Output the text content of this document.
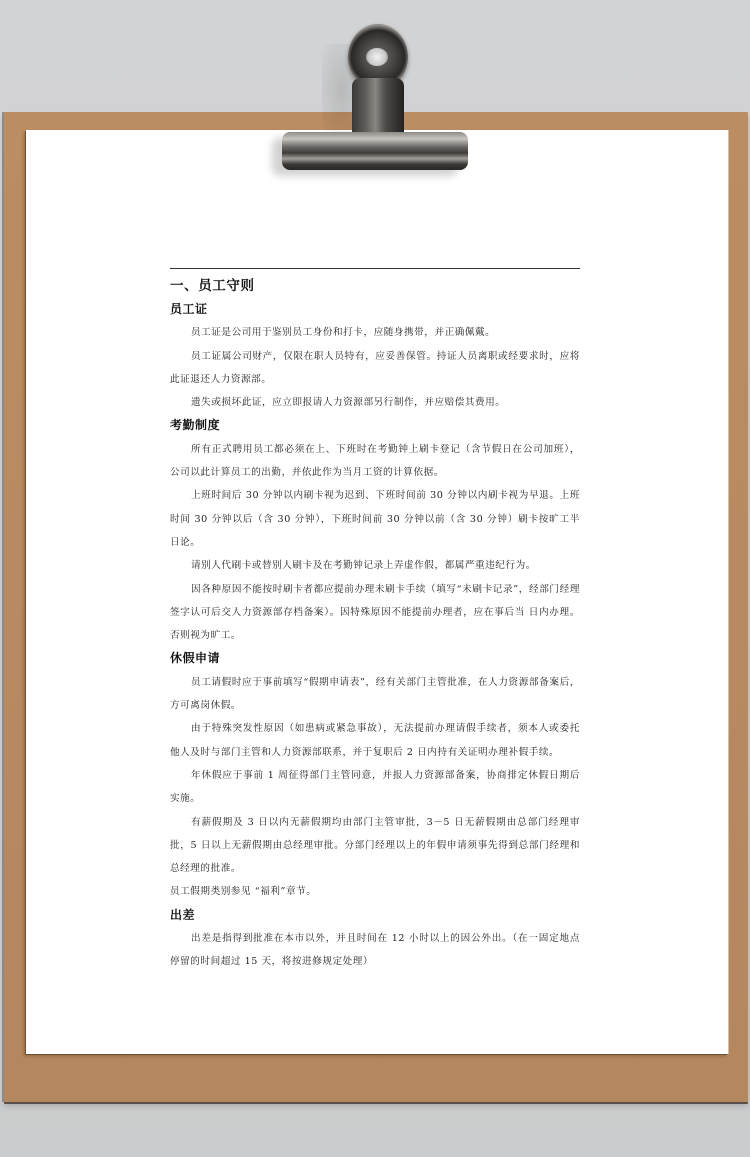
一、员工守则
员工证

员工证是公司用于鉴别员工身份和打卡，应随身携带，并正确佩戴。

员工证属公司财产，仅限在职人员特有，应妥善保管。持证人员离职或经要求时，应将此证退还人力资源部。

遗失或损坏此证，应立即报请人力资源部另行制作，并应赔偿其费用。

考勤制度

所有正式聘用员工都必须在上、下班时在考勤钟上刷卡登记（含节假日在公司加班），公司以此计算员工的出勤，并依此作为当月工资的计算依据。

上班时间后 30 分钟以内刷卡视为迟到、下班时间前 30 分钟以内刷卡视为早退。上班时间 30 分钟以后（含 30 分钟），下班时间前 30 分钟以前（含 30 分钟）刷卡按旷工半日论。

请别人代刷卡或替别人刷卡及在考勤钟记录上弄虚作假，都属严重违纪行为。

因各种原因不能按时刷卡者都应提前办理未刷卡手续（填写“未刷卡记录”，经部门经理签字认可后交人力资源部存档备案）。因特殊原因不能提前办理者，应在事后当 日内办理。否则视为旷工。

休假申请

员工请假时应于事前填写“假期申请表”，经有关部门主管批准，在人力资源部备案后，方可离岗休假。

由于特殊突发性原因（如患病或紧急事故），无法提前办理请假手续者，须本人或委托他人及时与部门主管和人力资源部联系，并于复职后 2 日内持有关证明办理补假手续。

年休假应于事前 1 周征得部门主管同意，并报人力资源部备案，协商排定休假日期后实施。

有薪假期及 3 日以内无薪假期均由部门主管审批，3－5 日无薪假期由总部门经理审批，5 日以上无薪假期由总经理审批。分部门经理以上的年假申请须事先得到总部门经理和总经理的批准。

员工假期类别参见 “福利”章节。

出差

出差是指得到批准在本市以外，并且时间在 12 小时以上的因公外出。（在一固定地点停留的时间超过 15 天，将按进修规定处理）
